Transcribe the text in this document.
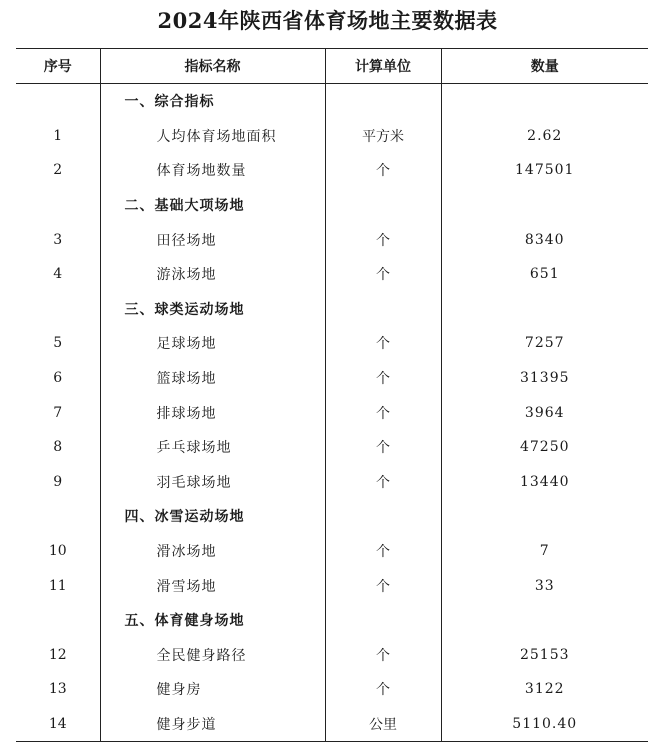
2024年陕西省体育场地主要数据表
序号	指标名称	计算单位	数量
	一、综合指标		
1	人均体育场地面积	平方米	2.62
2	体育场地数量	个	147501
	二、基础大项场地		
3	田径场地	个	8340
4	游泳场地	个	651
	三、球类运动场地		
5	足球场地	个	7257
6	篮球场地	个	31395
7	排球场地	个	3964
8	乒乓球场地	个	47250
9	羽毛球场地	个	13440
	四、冰雪运动场地		
10	滑冰场地	个	7
11	滑雪场地	个	33
	五、体育健身场地		
12	全民健身路径	个	25153
13	健身房	个	3122
14	健身步道	公里	5110.40
